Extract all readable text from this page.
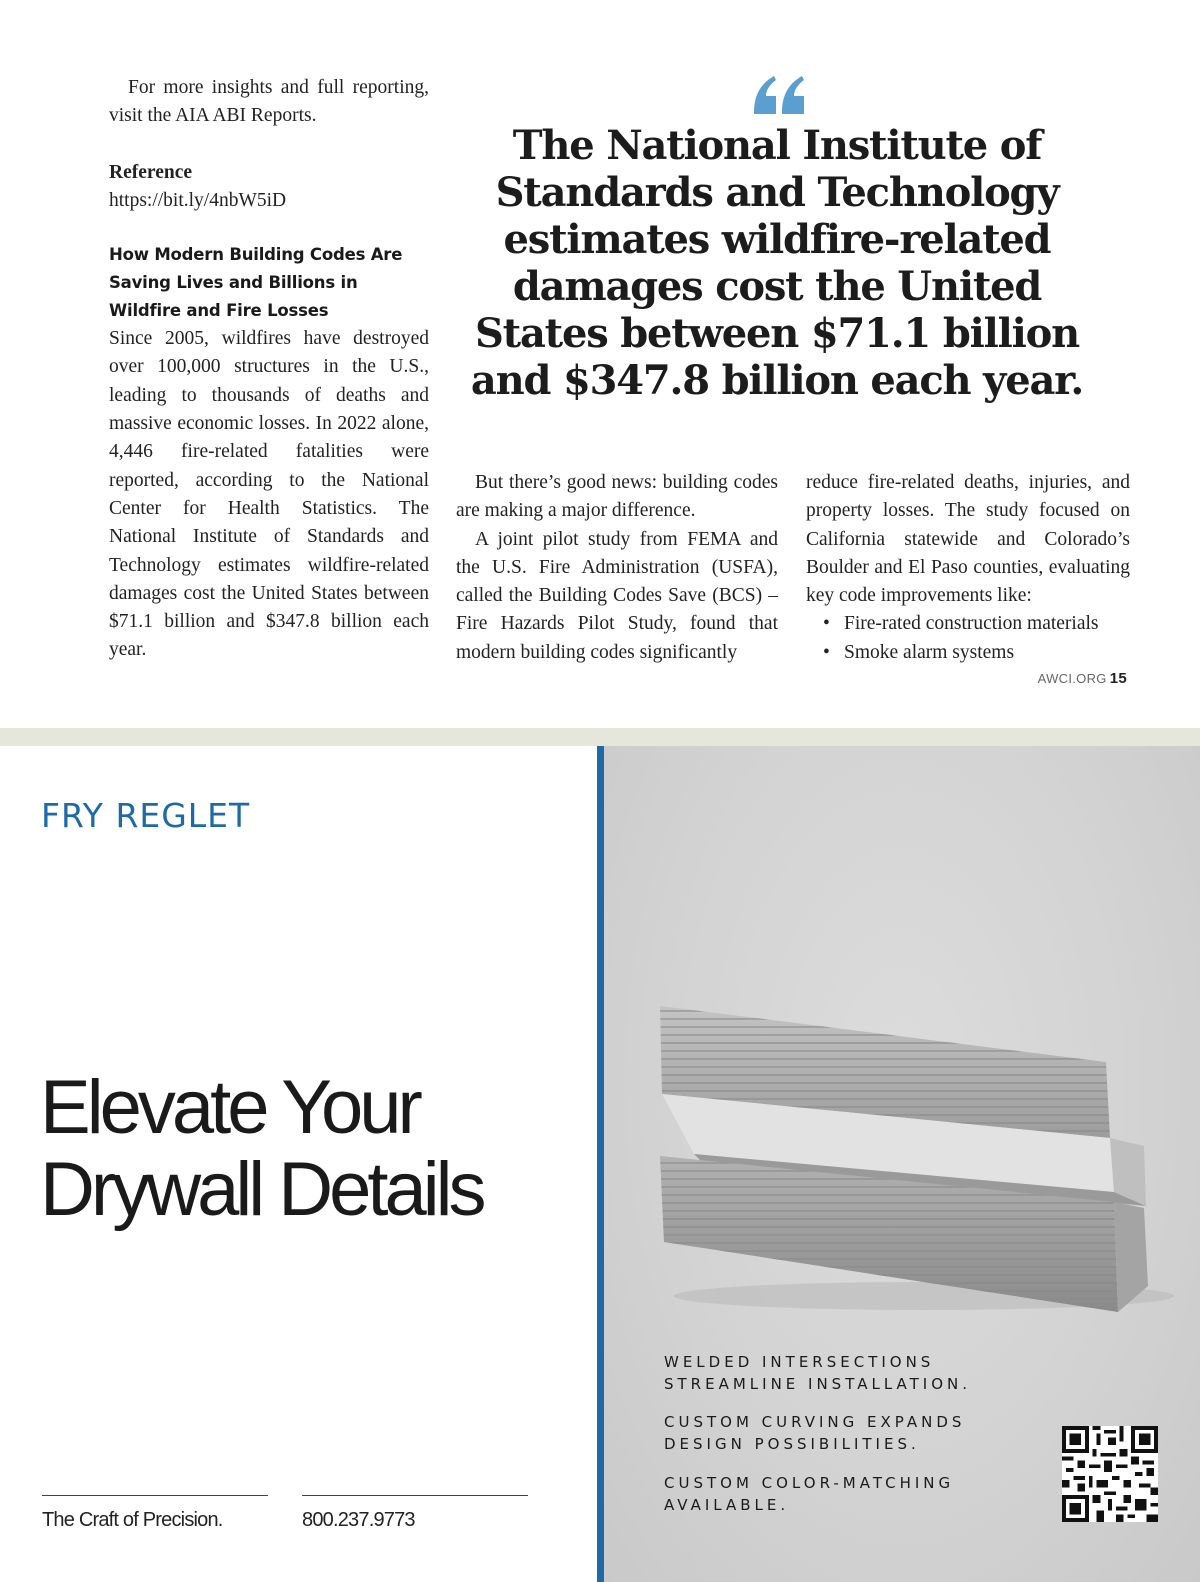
For more insights and full reporting, visit the AIA ABI Reports.

Reference

https://bit.ly/4nbW5iD

How Modern Building Codes Are Saving Lives and Billions in Wildfire and Fire Losses

Since 2005, wildfires have destroyed over 100,000 structures in the U.S., leading to thousands of deaths and massive economic losses. In 2022 alone, 4,446 fire-related fatalities were reported, according to the National Center for Health Statistics. The National Institute of Standards and Technology estimates wildfire-related damages cost the United States between $71.1 billion and $347.8 billion each year.

The National Institute of Standards and Technology estimates wildfire-related damages cost the United States between $71.1 billion and $347.8 billion each year.

But there’s good news: building codes are making a major difference.

A joint pilot study from FEMA and the U.S. Fire Administration (USFA), called the Building Codes Save (BCS) – Fire Hazards Pilot Study, found that modern building codes significantly

reduce fire-related deaths, injuries, and property losses. The study focused on California statewide and Colorado’s Boulder and El Paso counties, evaluating key code improvements like:

• Fire-rated construction materials
• Smoke alarm systems
AWCI.ORG 15
FRY REGLET
Elevate Your
Drywall Details
The Craft of Precision.	800.237.9773

WELDED INTERSECTIONS STREAMLINE INSTALLATION.

CUSTOM CURVING EXPANDS DESIGN POSSIBILITIES.

CUSTOM COLOR-MATCHING AVAILABLE.
